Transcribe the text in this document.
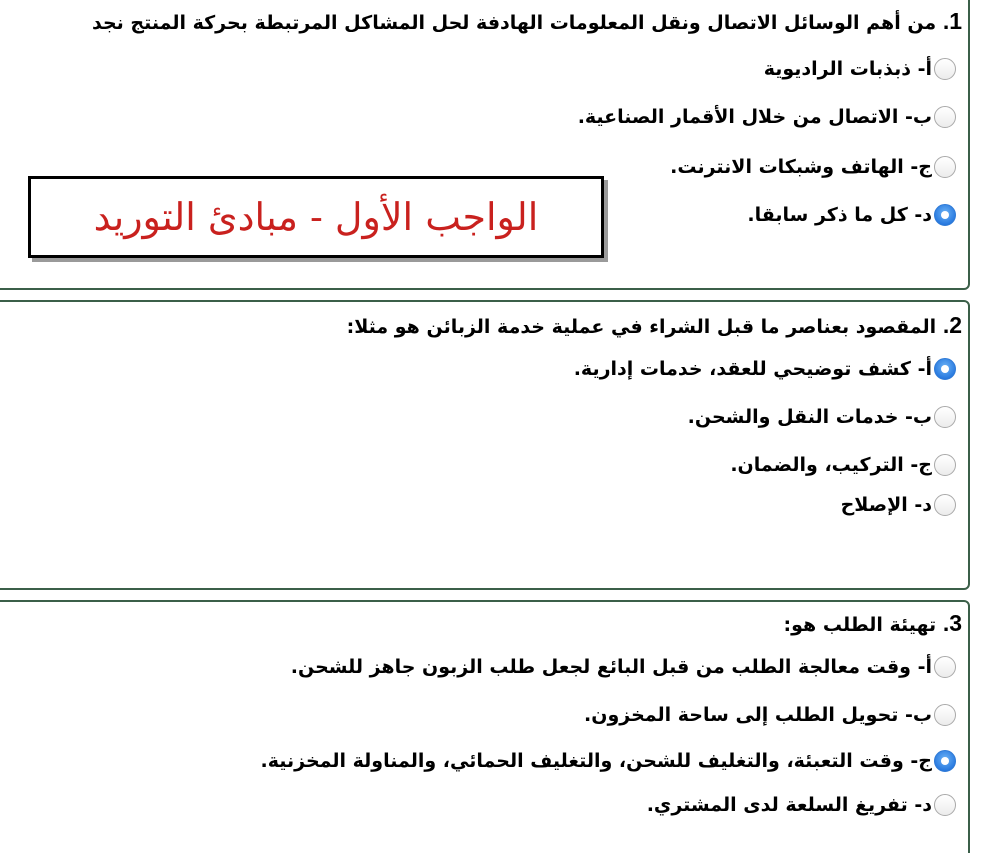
1. من أهم الوسائل الاتصال ونقل المعلومات الهادفة لحل المشاكل المرتبطة بحركة المنتج نجد
أ- ذبذبات الراديوية
ب- الاتصال من خلال الأقمار الصناعية.
ج- الهاتف وشبكات الانترنت.
د- كل ما ذكر سابقا.
الواجب الأول - مبادئ التوريد
2. المقصود بعناصر ما قبل الشراء في عملية خدمة الزبائن هو مثلا:
أ- كشف توضيحي للعقد، خدمات إدارية.
ب- خدمات النقل والشحن.
ج- التركيب، والضمان.
د- الإصلاح
3. تهيئة الطلب هو:
أ- وقت معالجة الطلب من قبل البائع لجعل طلب الزبون جاهز للشحن.
ب- تحويل الطلب إلى ساحة المخزون.
ج- وقت التعبئة، والتغليف للشحن، والتغليف الحمائي، والمناولة المخزنية.
د- تفريغ السلعة لدى المشتري.
